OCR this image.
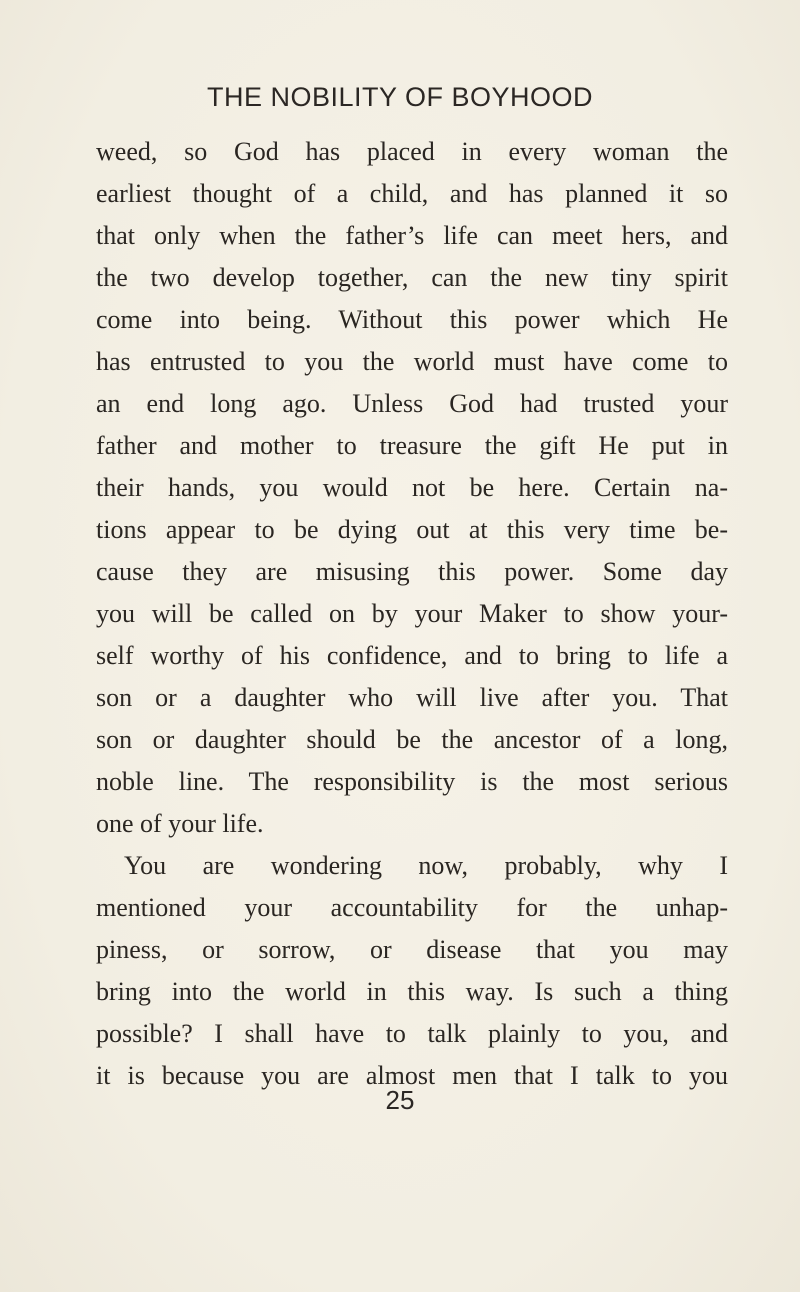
THE NOBILITY OF BOYHOOD
weed, so God has placed in every woman the
earliest thought of a child, and has planned it so
that only when the father’s life can meet hers, and
the two develop together, can the new tiny spirit
come into being. Without this power which He
has entrusted to you the world must have come to
an end long ago. Unless God had trusted your
father and mother to treasure the gift He put in
their hands, you would not be here. Certain na-
tions appear to be dying out at this very time be-
cause they are misusing this power. Some day
you will be called on by your Maker to show your-
self worthy of his confidence, and to bring to life a
son or a daughter who will live after you. That
son or daughter should be the ancestor of a long,
noble line. The responsibility is the most serious
one of your life.
You are wondering now, probably, why I
mentioned your accountability for the unhap-
piness, or sorrow, or disease that you may
bring into the world in this way. Is such a thing
possible? I shall have to talk plainly to you, and
it is because you are almost men that I talk to you
25
